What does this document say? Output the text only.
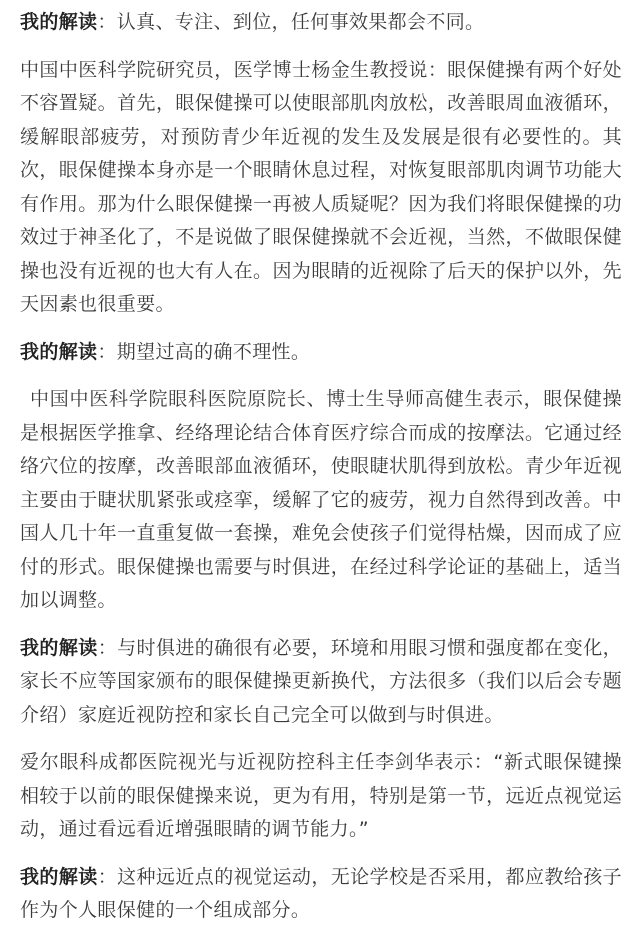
我的解读：认真、专注、到位，任何事效果都会不同。

中国中医科学院研究员，医学博士杨金生教授说：眼保健操有两个好处不容置疑。首先，眼保健操可以使眼部肌肉放松，改善眼周血液循环，缓解眼部疲劳，对预防青少年近视的发生及发展是很有必要性的。其次，眼保健操本身亦是一个眼睛休息过程，对恢复眼部肌肉调节功能大有作用。那为什么眼保健操一再被人质疑呢？因为我们将眼保健操的功效过于神圣化了，不是说做了眼保健操就不会近视，当然，不做眼保健操也没有近视的也大有人在。因为眼睛的近视除了后天的保护以外，先天因素也很重要。

我的解读：期望过高的确不理性。

中国中医科学院眼科医院原院长、博士生导师高健生表示，眼保健操是根据医学推拿、经络理论结合体育医疗综合而成的按摩法。它通过经络穴位的按摩，改善眼部血液循环，使眼睫状肌得到放松。青少年近视主要由于睫状肌紧张或痉挛，缓解了它的疲劳，视力自然得到改善。中国人几十年一直重复做一套操，难免会使孩子们觉得枯燥，因而成了应付的形式。眼保健操也需要与时俱进，在经过科学论证的基础上，适当加以调整。

我的解读：与时俱进的确很有必要，环境和用眼习惯和强度都在变化，家长不应等国家颁布的眼保健操更新换代，方法很多（我们以后会专题介绍）家庭近视防控和家长自己完全可以做到与时俱进。

爱尔眼科成都医院视光与近视防控科主任李剑华表示：“新式眼保键操相较于以前的眼保健操来说，更为有用，特别是第一节，远近点视觉运动，通过看远看近增强眼睛的调节能力。”

我的解读：这种远近点的视觉运动，无论学校是否采用，都应教给孩子作为个人眼保健的一个组成部分。
